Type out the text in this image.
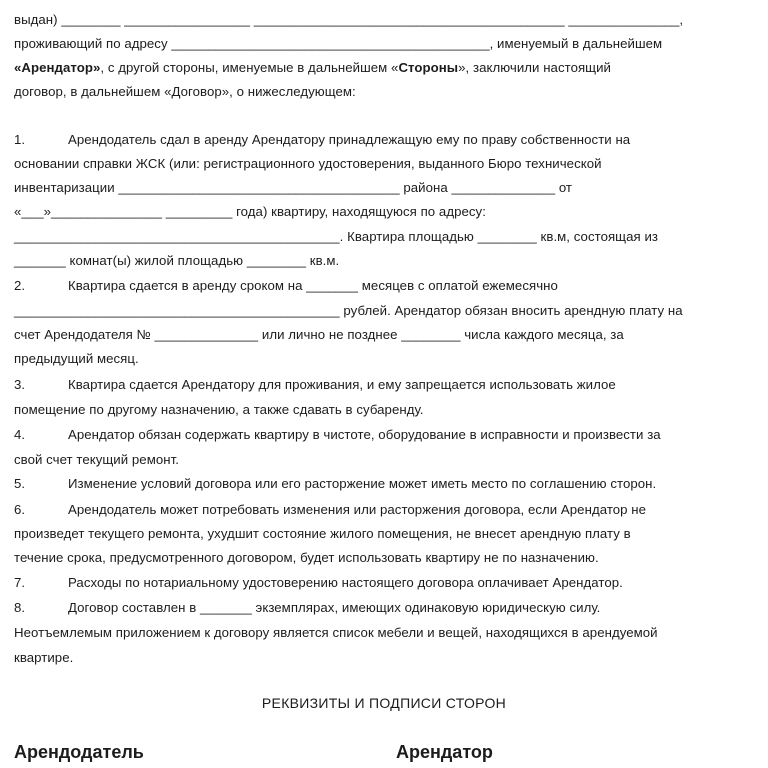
выдан) ________ _________________ __________________________________________ _______________,
проживающий по адресу ___________________________________________, именуемый в дальнейшем
«Арендатор», с другой стороны, именуемые в дальнейшем «Стороны», заключили настоящий
договор, в дальнейшем «Договор», о нижеследующем:
1.	Арендодатель сдал в аренду Арендатору принадлежащую ему по праву собственности на
основании справки ЖСК (или: регистрационного удостоверения, выданного Бюро технической
инвентаризации ______________________________________ района ______________ от
«___»_______________ _________ года) квартиру, находящуюся по адресу:
____________________________________________. Квартира площадью ________ кв.м, состоящая из
_______ комнат(ы) жилой площадью ________ кв.м.
2.	Квартира сдается в аренду сроком на _______ месяцев с оплатой ежемесячно
____________________________________________ рублей. Арендатор обязан вносить арендную плату на
счет Арендодателя № ______________ или лично не позднее ________ числа каждого месяца, за
предыдущий месяц.
3.	Квартира сдается Арендатору для проживания, и ему запрещается использовать жилое
помещение по другому назначению, а также сдавать в субаренду.
4.	Арендатор обязан содержать квартиру в чистоте, оборудование в исправности и произвести за
свой счет текущий ремонт.
5.	Изменение условий договора или его расторжение может иметь место по соглашению сторон.
6.	Арендодатель может потребовать изменения или расторжения договора, если Арендатор не
произведет текущего ремонта, ухудшит состояние жилого помещения, не внесет арендную плату в
течение срока, предусмотренного договором, будет использовать квартиру не по назначению.
7.	Расходы по нотариальному удостоверению настоящего договора оплачивает Арендатор.
8.	Договор составлен в _______ экземплярах, имеющих одинаковую юридическую силу.
Неотъемлемым приложением к договору является список мебели и вещей, находящихся в арендуемой
квартире.
РЕКВИЗИТЫ И ПОДПИСИ СТОРОН
Арендодатель	Арендатор
